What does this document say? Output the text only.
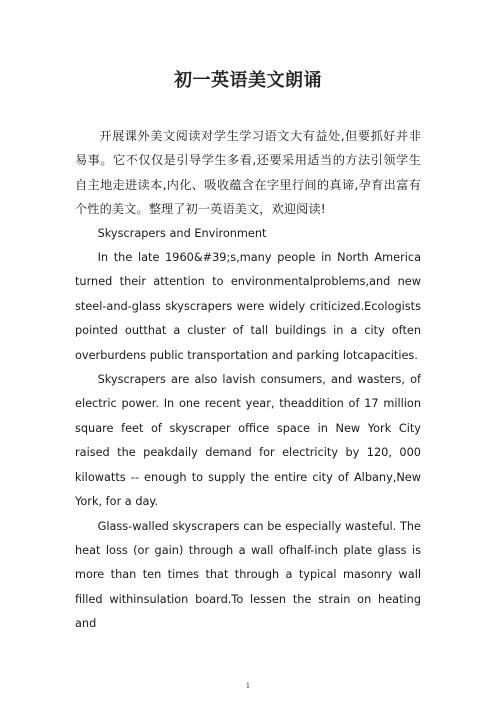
初一英语美文朗诵

开展课外美文阅读对学生学习语文大有益处,但要抓好并非易事。它不仅仅是引导学生多看,还要采用适当的方法引领学生自主地走进读本,内化、吸收蕴含在字里行间的真谛,孕育出富有个性的美文。整理了初一英语美文，欢迎阅读!

Skyscrapers and Environment

In the late 1960&#39;s,many people in North America turned their attention to environmentalproblems,and new steel-and-glass skyscrapers were widely criticized.Ecologists pointed outthat a cluster of tall buildings in a city often overburdens public transportation and parking lotcapacities.

Skyscrapers are also lavish consumers, and wasters, of electric power. In one recent year, theaddition of 17 million square feet of skyscraper office space in New York City raised the peakdaily demand for electricity by 120, 000 kilowatts -- enough to supply the entire city of Albany,New York, for a day.

Glass-walled skyscrapers can be especially wasteful. The heat loss (or gain) through a wall ofhalf-inch plate glass is more than ten times that through a typical masonry wall filled withinsulation board.To lessen the strain on heating and

1
